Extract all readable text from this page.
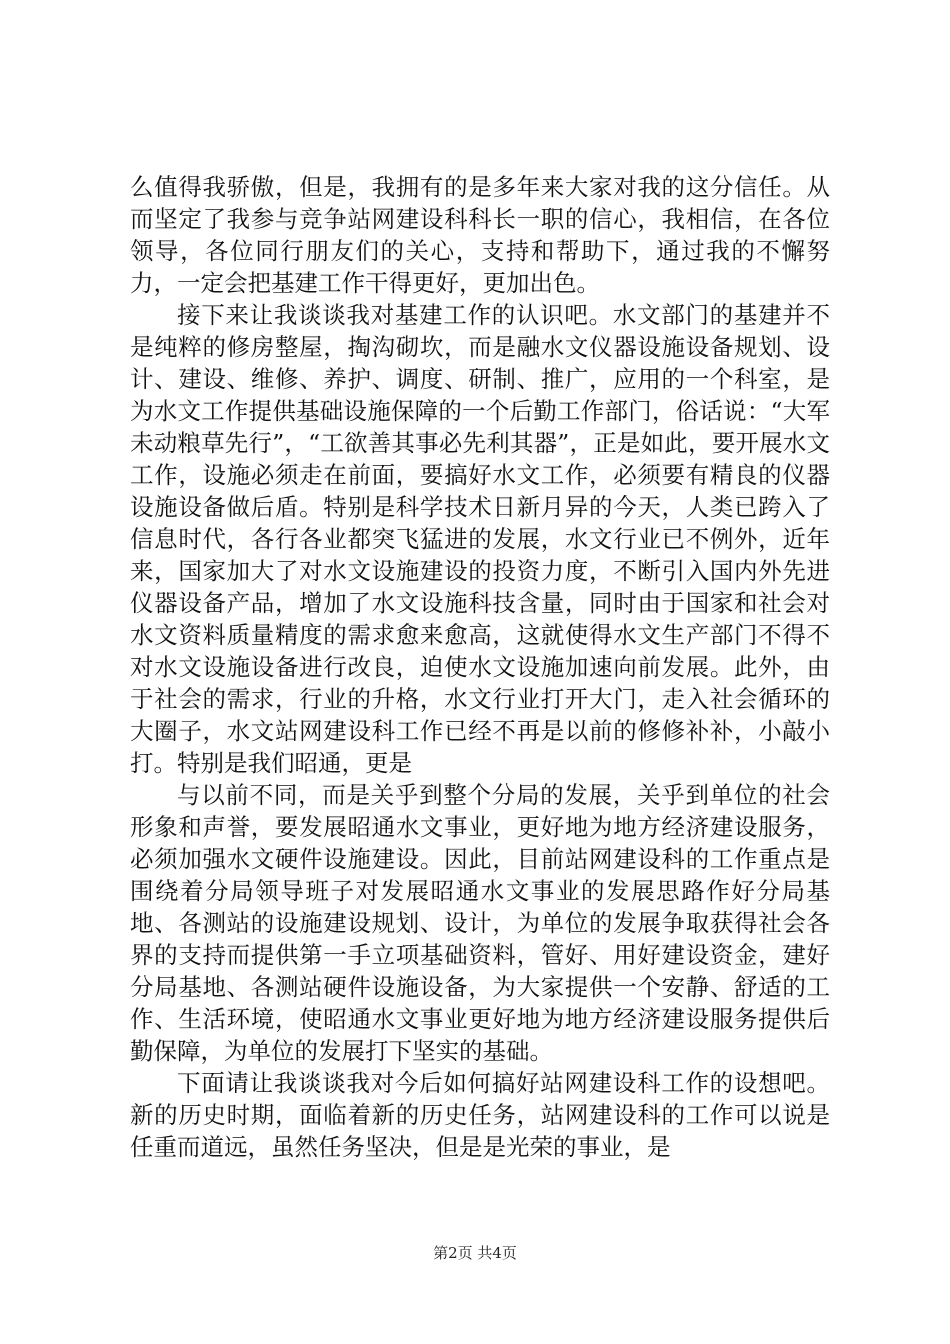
么值得我骄傲，但是，我拥有的是多年来大家对我的这分信任。从而坚定了我参与竞争站网建设科科长一职的信心，我相信，在各位领导，各位同行朋友们的关心，支持和帮助下，通过我的不懈努力，一定会把基建工作干得更好，更加出色。

接下来让我谈谈我对基建工作的认识吧。水文部门的基建并不是纯粹的修房整屋，掏沟砌坎，而是融水文仪器设施设备规划、设计、建设、维修、养护、调度、研制、推广，应用的一个科室，是为水文工作提供基础设施保障的一个后勤工作部门，俗话说：“大军未动粮草先行”，“工欲善其事必先利其器”，正是如此，要开展水文工作，设施必须走在前面，要搞好水文工作，必须要有精良的仪器设施设备做后盾。特别是科学技术日新月异的今天，人类已跨入了信息时代，各行各业都突飞猛进的发展，水文行业已不例外，近年来，国家加大了对水文设施建设的投资力度，不断引入国内外先进仪器设备产品，增加了水文设施科技含量，同时由于国家和社会对水文资料质量精度的需求愈来愈高，这就使得水文生产部门不得不对水文设施设备进行改良，迫使水文设施加速向前发展。此外，由于社会的需求，行业的升格，水文行业打开大门，走入社会循环的大圈子，水文站网建设科工作已经不再是以前的修修补补，小敲小打。特别是我们昭通，更是

与以前不同，而是关乎到整个分局的发展，关乎到单位的社会形象和声誉，要发展昭通水文事业，更好地为地方经济建设服务，必须加强水文硬件设施建设。因此，目前站网建设科的工作重点是围绕着分局领导班子对发展昭通水文事业的发展思路作好分局基地、各测站的设施建设规划、设计，为单位的发展争取获得社会各界的支持而提供第一手立项基础资料，管好、用好建设资金，建好分局基地、各测站硬件设施设备，为大家提供一个安静、舒适的工作、生活环境，使昭通水文事业更好地为地方经济建设服务提供后勤保障，为单位的发展打下坚实的基础。

下面请让我谈谈我对今后如何搞好站网建设科工作的设想吧。新的历史时期，面临着新的历史任务，站网建设科的工作可以说是任重而道远，虽然任务坚决，但是是光荣的事业，是

第2页 共4页
